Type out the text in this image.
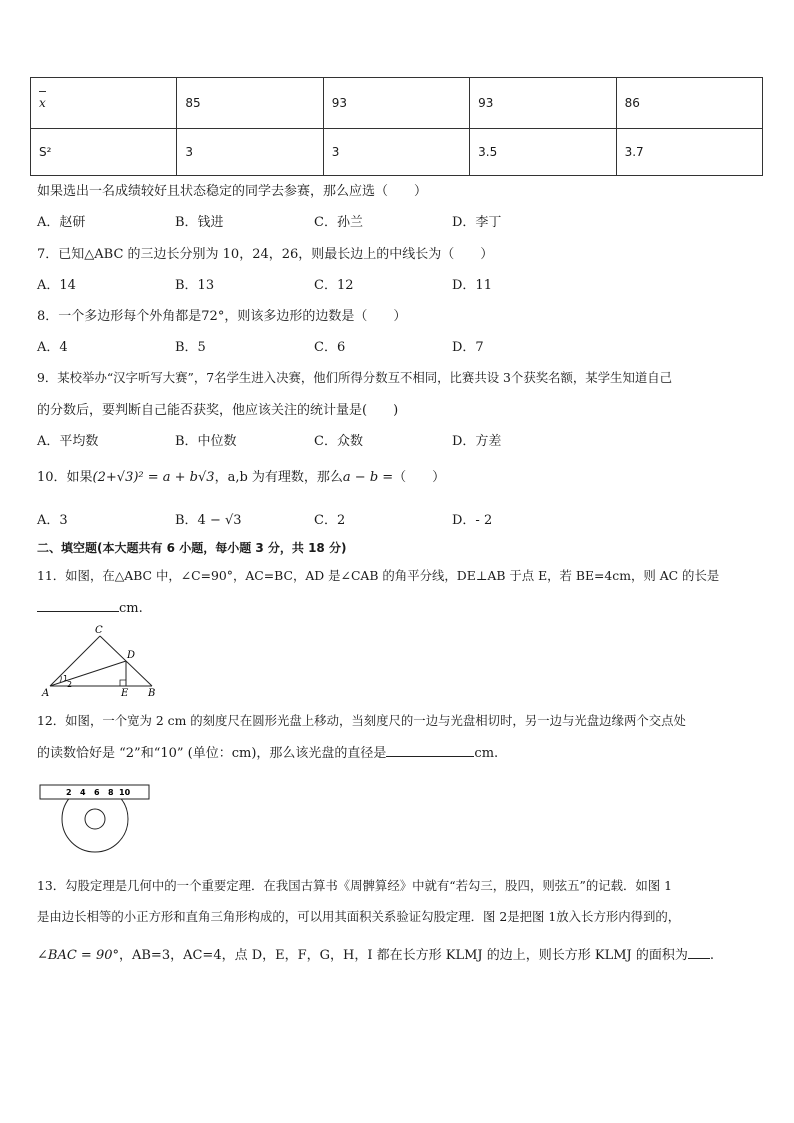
x	85	93	93	86
S²	3	3	3.5	3.7
如果选出一名成绩较好且状态稳定的同学去参赛，那么应选（　　）
A．赵研	B．钱进	C．孙兰	D．李丁
7．已知△ABC 的三边长分别为 10，24，26，则最长边上的中线长为（　　）
A．14	B．13	C．12	D．11
8．一个多边形每个外角都是72°，则该多边形的边数是（　　）
A．4	B．5	C．6	D．7
9．某校举办“汉字听写大赛”，7名学生进入决赛，他们所得分数互不相同，比赛共设 3个获奖名额，某学生知道自己
的分数后，要判断自己能否获奖，他应该关注的统计量是(　　)
A．平均数	B．中位数	C．众数	D．方差
10．如果(2+√3)² = a + b√3，a,b 为有理数，那么a − b =（　　）
A．3	B．4 − √3	C．2	D．- 2
二、填空题(本大题共有 6 小题，每小题 3 分，共 18 分)
11．如图，在△ABC 中，∠C=90°，AC=BC，AD 是∠CAB 的角平分线，DE⊥AB 于点 E，若 BE=4cm，则 AC 的长是
cm.
A	B
C
D
E
1
2
12．如图，一个宽为 2 cm 的刻度尺在圆形光盘上移动，当刻度尺的一边与光盘相切时，另一边与光盘边缘两个交点处
的读数恰好是 “2”和“10” (单位：cm)，那么该光盘的直径是	cm.
2 4 6 8 10
13．勾股定理是几何中的一个重要定理．在我国古算书《周髀算经》中就有“若勾三，股四，则弦五”的记载．如图 1
是由边长相等的小正方形和直角三角形构成的，可以用其面积关系验证勾股定理．图 2是把图 1放入长方形内得到的，
∠BAC = 90°，AB=3，AC=4，点 D，E，F，G，H，I 都在长方形 KLMJ 的边上，则长方形 KLMJ 的面积为 .
